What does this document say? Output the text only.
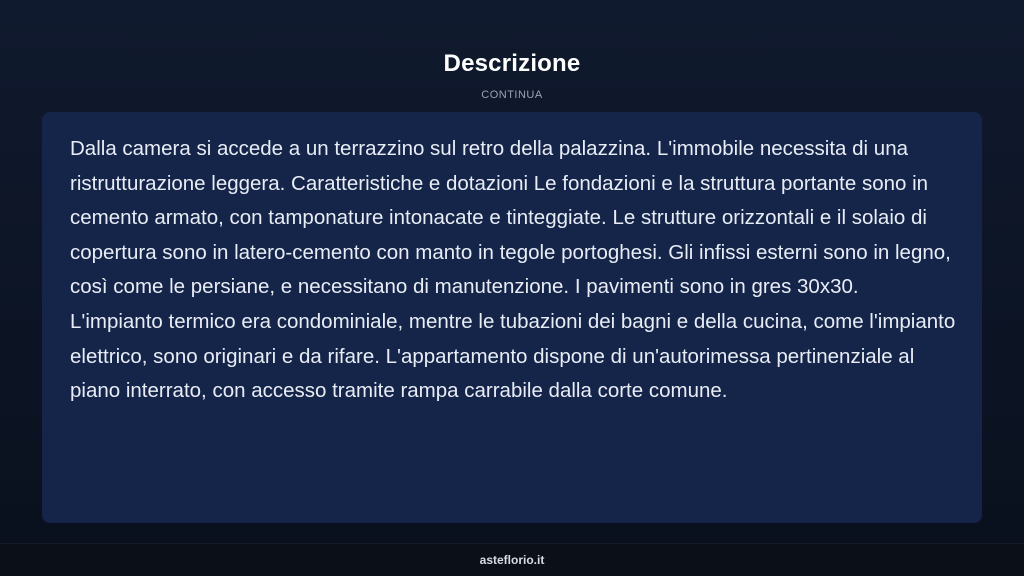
Descrizione
CONTINUA

Dalla camera si accede a un terrazzino sul retro della palazzina. L'immobile necessita di una ristrutturazione leggera. Caratteristiche e dotazioni Le fondazioni e la struttura portante sono in cemento armato, con tamponature intonacate e tinteggiate. Le strutture orizzontali e il solaio di copertura sono in latero-cemento con manto in tegole portoghesi. Gli infissi esterni sono in legno, così come le persiane, e necessitano di manutenzione. I pavimenti sono in gres 30x30. L'impianto termico era condominiale, mentre le tubazioni dei bagni e della cucina, come l'impianto elettrico, sono originari e da rifare. L'appartamento dispone di un'autorimessa pertinenziale al piano interrato, con accesso tramite rampa carrabile dalla corte comune.

asteflorio.it
